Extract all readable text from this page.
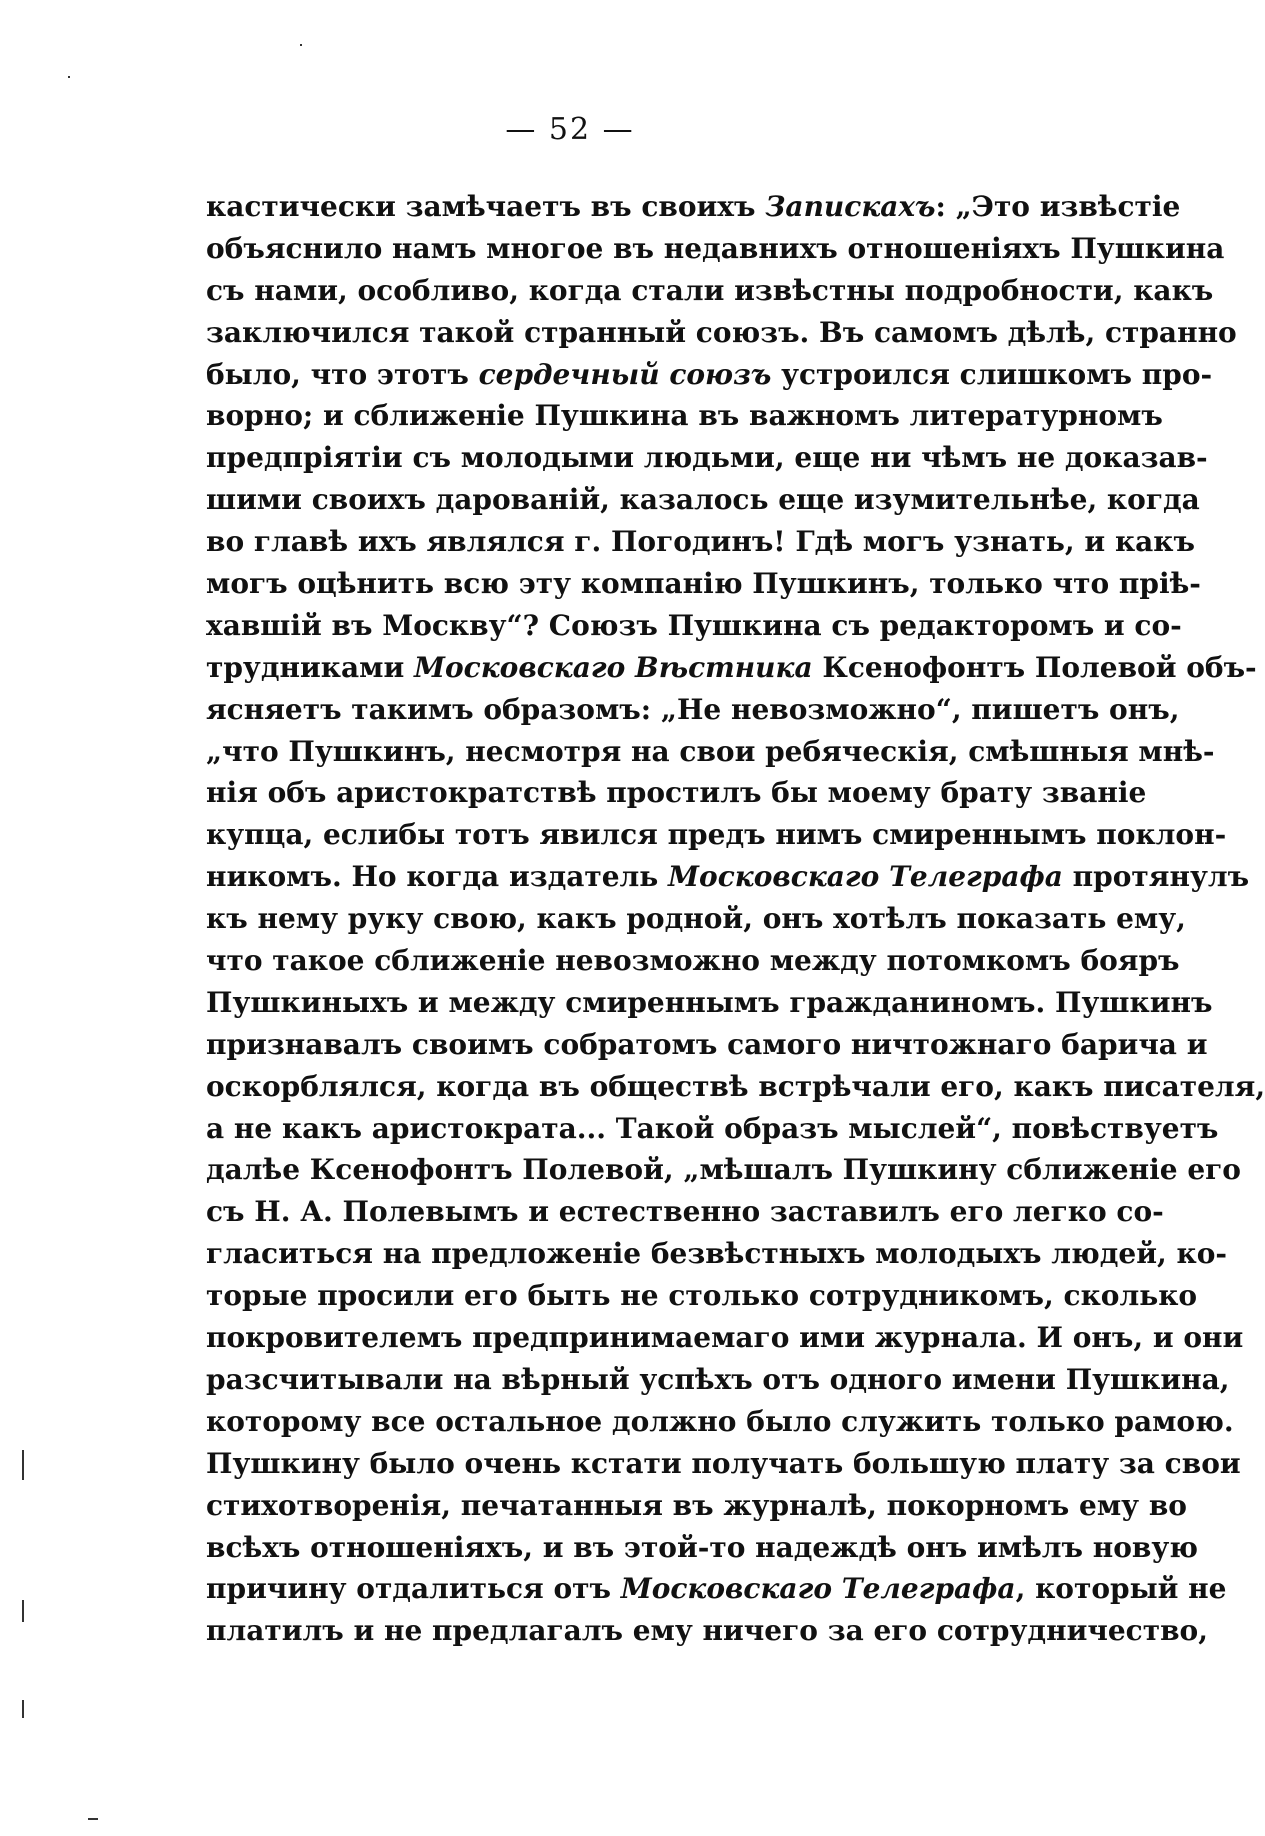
— 52 —
кастически замѣчаетъ въ своихъ Запискахъ: „Это извѣстіе
объяснило намъ многое въ недавнихъ отношеніяхъ Пушкина
съ нами, особливо, когда стали извѣстны подробности, какъ
заключился такой странный союзъ. Въ самомъ дѣлѣ, странно
было, что этотъ сердечный союзъ устроился слишкомъ про-
ворно; и сближеніе Пушкина въ важномъ литературномъ
предпріятіи съ молодыми людьми, еще ни чѣмъ не доказав-
шими своихъ дарованій, казалось еще изумительнѣе, когда
во главѣ ихъ являлся г. Погодинъ! Гдѣ могъ узнать, и какъ
могъ оцѣнить всю эту компанію Пушкинъ, только что пріѣ-
хавшій въ Москву“? Союзъ Пушкина съ редакторомъ и со-
трудниками Московскаго Вѣстника Ксенофонтъ Полевой объ-
ясняетъ такимъ образомъ: „Не невозможно“, пишетъ онъ,
„что Пушкинъ, несмотря на свои ребяческія, смѣшныя мнѣ-
нія объ аристократствѣ простилъ бы моему брату званіе
купца, еслибы тотъ явился предъ нимъ смиреннымъ поклон-
никомъ. Но когда издатель Московскаго Телеграфа протянулъ
къ нему руку свою, какъ родной, онъ хотѣлъ показать ему,
что такое сближеніе невозможно между потомкомъ бояръ
Пушкиныхъ и между смиреннымъ гражданиномъ. Пушкинъ
признавалъ своимъ собратомъ самого ничтожнаго барича и
оскорблялся, когда въ обществѣ встрѣчали его, какъ писателя,
а не какъ аристократа... Такой образъ мыслей“, повѣствуетъ
далѣе Ксенофонтъ Полевой, „мѣшалъ Пушкину сближеніе его
съ Н. А. Полевымъ и естественно заставилъ его легко со-
гласиться на предложеніе безвѣстныхъ молодыхъ людей, ко-
торые просили его быть не столько сотрудникомъ, сколько
покровителемъ предпринимаемаго ими журнала. И онъ, и они
разсчитывали на вѣрный успѣхъ отъ одного имени Пушкина,
которому все остальное должно было служить только рамою.
Пушкину было очень кстати получать большую плату за свои
стихотворенія, печатанныя въ журналѣ, покорномъ ему во
всѣхъ отношеніяхъ, и въ этой-то надеждѣ онъ имѣлъ новую
причину отдалиться отъ Московскаго Телеграфа, который не
платилъ и не предлагалъ ему ничего за его сотрудничество,
